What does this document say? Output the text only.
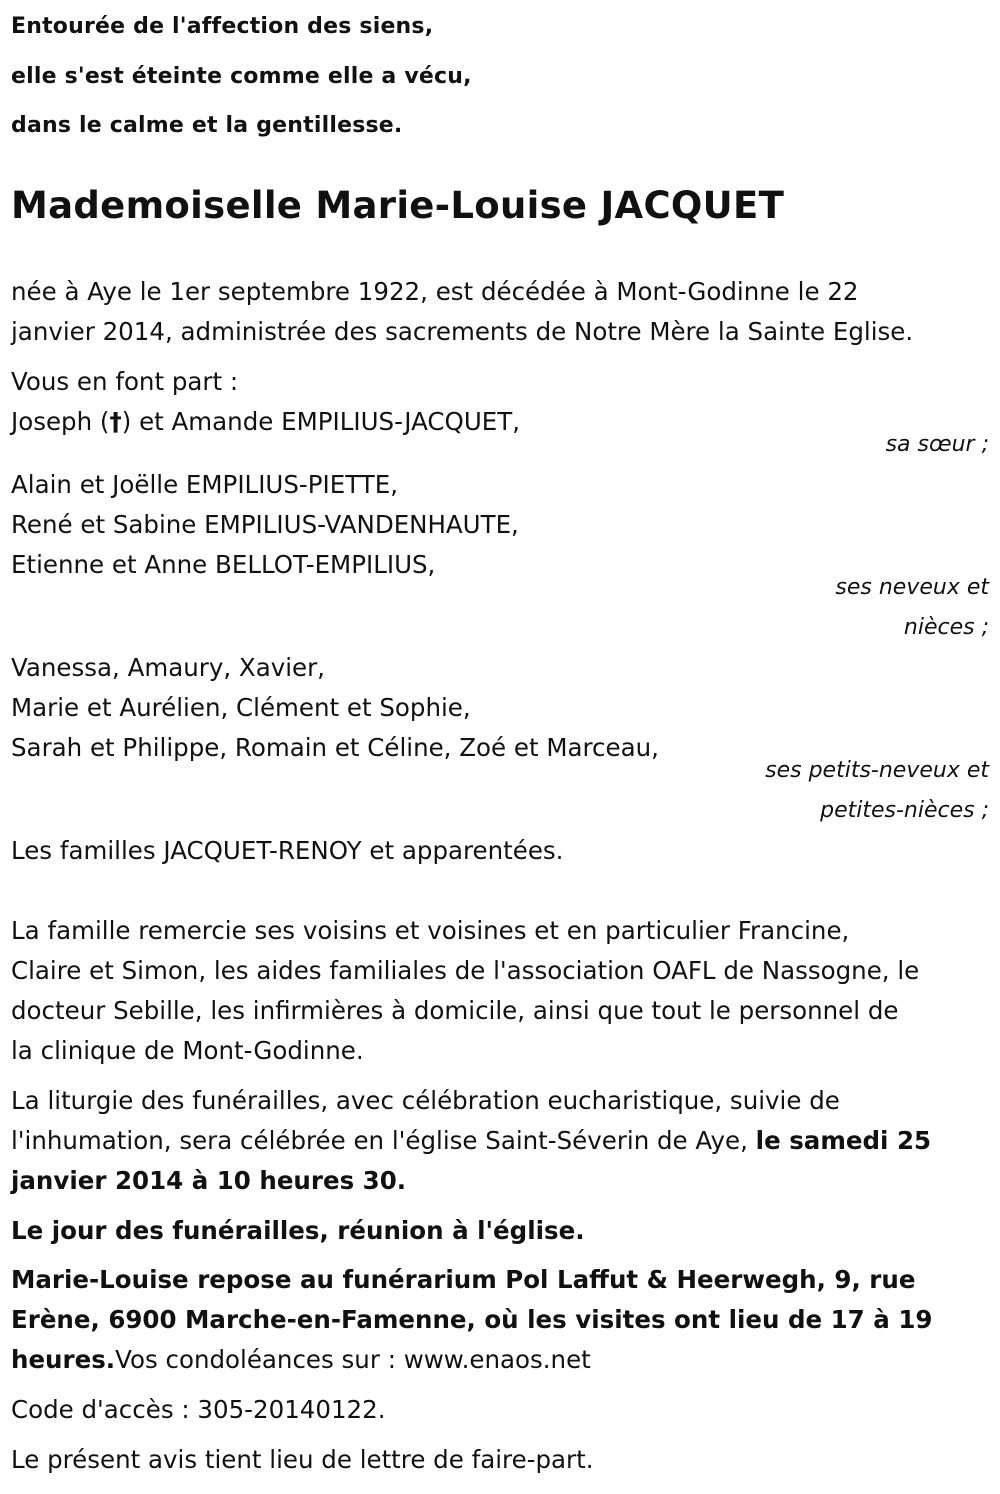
Entourée de l'affection des siens,

elle s'est éteinte comme elle a vécu,

dans le calme et la gentillesse.

Mademoiselle Marie-Louise JACQUET

née à Aye le 1er septembre 1922, est décédée à Mont-Godinne le 22

janvier 2014, administrée des sacrements de Notre Mère la Sainte Eglise.

Vous en font part :

Joseph (†) et Amande EMPILIUS-JACQUET,

sa sœur ;

Alain et Joëlle EMPILIUS-PIETTE,

René et Sabine EMPILIUS-VANDENHAUTE,

Etienne et Anne BELLOT-EMPILIUS,

ses neveux et

nièces ;

Vanessa, Amaury, Xavier,

Marie et Aurélien, Clément et Sophie,

Sarah et Philippe, Romain et Céline, Zoé et Marceau,

ses petits-neveux et

petites-nièces ;

Les familles JACQUET-RENOY et apparentées.

La famille remercie ses voisins et voisines et en particulier Francine,

Claire et Simon, les aides familiales de l'association OAFL de Nassogne, le

docteur Sebille, les infirmières à domicile, ainsi que tout le personnel de

la clinique de Mont-Godinne.

La liturgie des funérailles, avec célébration eucharistique, suivie de

l'inhumation, sera célébrée en l'église Saint-Séverin de Aye, le samedi 25

janvier 2014 à 10 heures 30.

Le jour des funérailles, réunion à l'église.

Marie-Louise repose au funérarium Pol Laffut & Heerwegh, 9, rue

Erène, 6900 Marche-en-Famenne, où les visites ont lieu de 17 à 19

heures.Vos condoléances sur : www.enaos.net

Code d'accès : 305-20140122.

Le présent avis tient lieu de lettre de faire-part.
